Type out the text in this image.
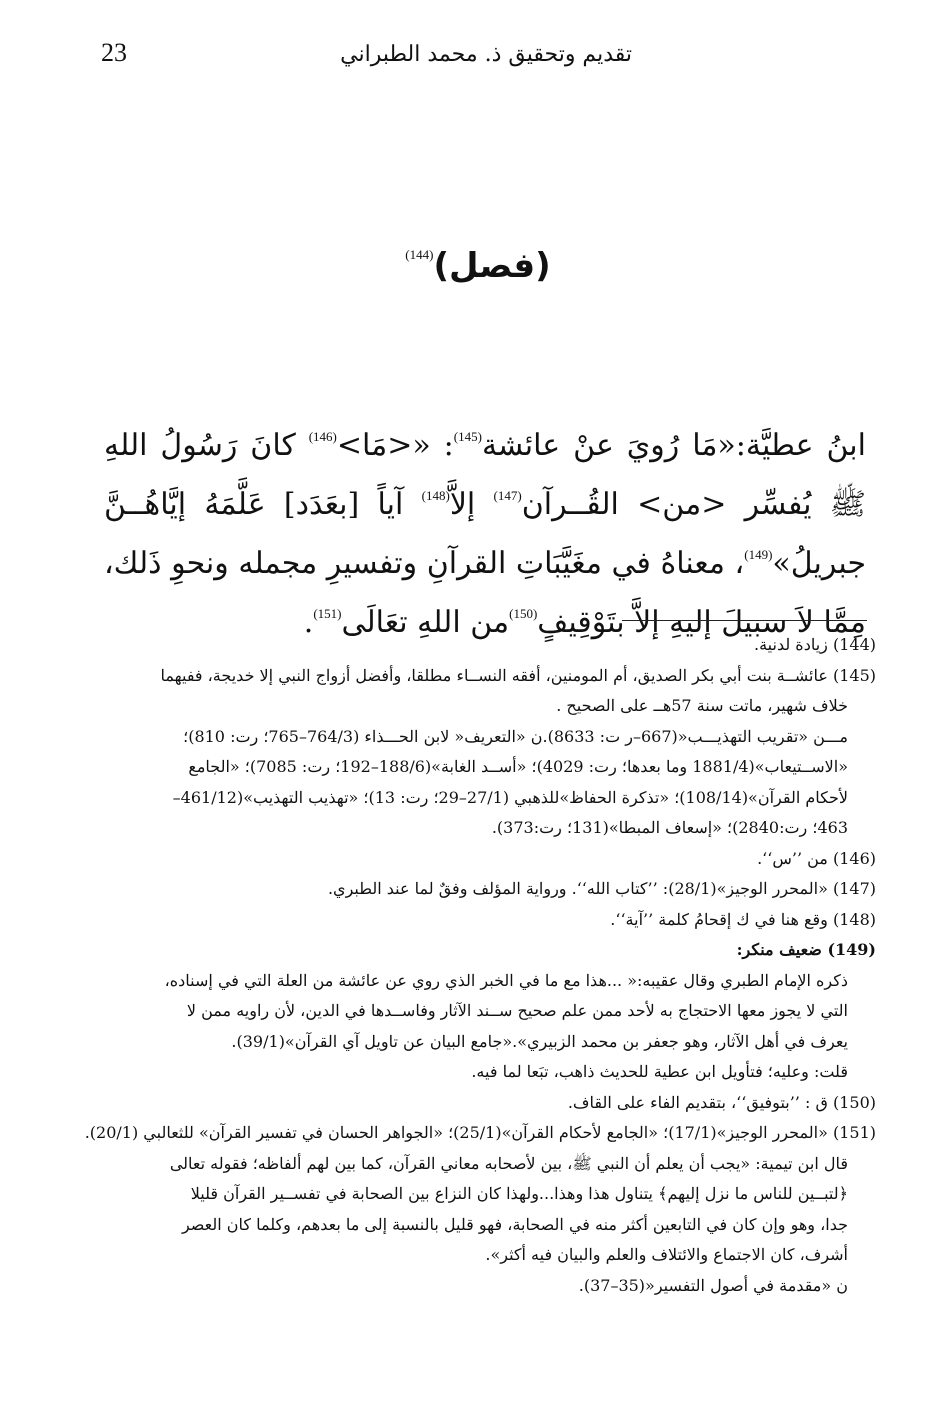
23	تقديم وتحقيق ذ. محمد الطبراني
(فصل)$^{(144)}$
ابنُ عطيَّة:«مَا رُويَ عنْ عائشة$^{(145)}$: «<مَا>$^{(146)}$ كانَ رَسُولُ اللهِ ﷺ يُفسِّر <من> القُــرآن$^{(147)}$ إلاَّ$^{(148)}$ آياً [بعَدَد] عَلَّمَهُ إيَّاهُــنَّ جبريلُ»$^{(149)}$، معناهُ في مغَيَّبَاتِ القرآنِ وتفسيرِ مجمله ونحوِ ذَلك، مِمَّا لاَ سبيلَ إليهِ إلاَّ بتَوْقِيفٍ$^{(150)}$من اللهِ تعَالَى$^{(151)}$.
(144) زيادة لدنية.
(145) عائشــة بنت أبي بكر الصديق، أم المومنين، أفقه النســاء مطلقا، وأفضل أزواج النبي إلا خديجة، ففيهما
خلاف شهير، ماتت سنة 57هــ على الصحيح .
مـــن «تقريب التهذيـــب«(667–ر ت: 8633).ن «التعريف« لابن الحـــذاء (764/3–765؛ رت: 810)؛
«الاســتيعاب»(1881/4 وما بعدها؛ رت: 4029)؛ «أســد الغابة»(188/6–192؛ رت: 7085)؛ «الجامع
لأحكام القرآن»(108/14)؛ «تذكرة الحفاظ»للذهبي (27/1–29؛ رت: 13)؛ «تهذيب التهذيب»(461/12–
463؛ رت:2840)؛ «إسعاف المبطا»(131؛ رت:373).
(146) من ’’س‘‘.
(147) «المحرر الوجيز»(28/1): ’’كتاب الله‘‘. ورواية المؤلف وفقٌ لما عند الطبري.
(148) وقع هنا في ك إقحامُ كلمة ’’آية‘‘.
(149) ضعيف منكر:
ذكره الإمام الطبري وقال عقيبه:« ...هذا مع ما في الخبر الذي روي عن عائشة من العلة التي في إسناده،
التي لا يجوز معها الاحتجاج به لأحد ممن علم صحيح ســند الآثار وفاســدها في الدين، لأن راويه ممن لا
يعرف في أهل الآثار، وهو جعفر بن محمد الزبيري».«جامع البيان عن تاويل آي القرآن»(39/1).
قلت: وعليه؛ فتأويل ابن عطية للحديث ذاهب، تبَعا لما فيه.
(150) ق : ’’بتوفيق‘‘، بتقديم الفاء على القاف.
(151) «المحرر الوجيز»(17/1)؛ «الجامع لأحكام القرآن»(25/1)؛ «الجواهر الحسان في تفسير القرآن» للثعالبي (20/1).
قال ابن تيمية: «يجب أن يعلم أن النبي ﷺ، بين لأصحابه معاني القرآن، كما بين لهم ألفاظه؛ فقوله تعالى
﴿لتبــين للناس ما نزل إليهم﴾ يتناول هذا وهذا...ولهذا كان النزاع بين الصحابة في تفســير القرآن قليلا
جدا، وهو وإن كان في التابعين أكثر منه في الصحابة، فهو قليل بالنسبة إلى ما بعدهم، وكلما كان العصر
أشرف، كان الاجتماع والائتلاف والعلم والبيان فيه أكثر».
ن «مقدمة في أصول التفسير«(35–37).
